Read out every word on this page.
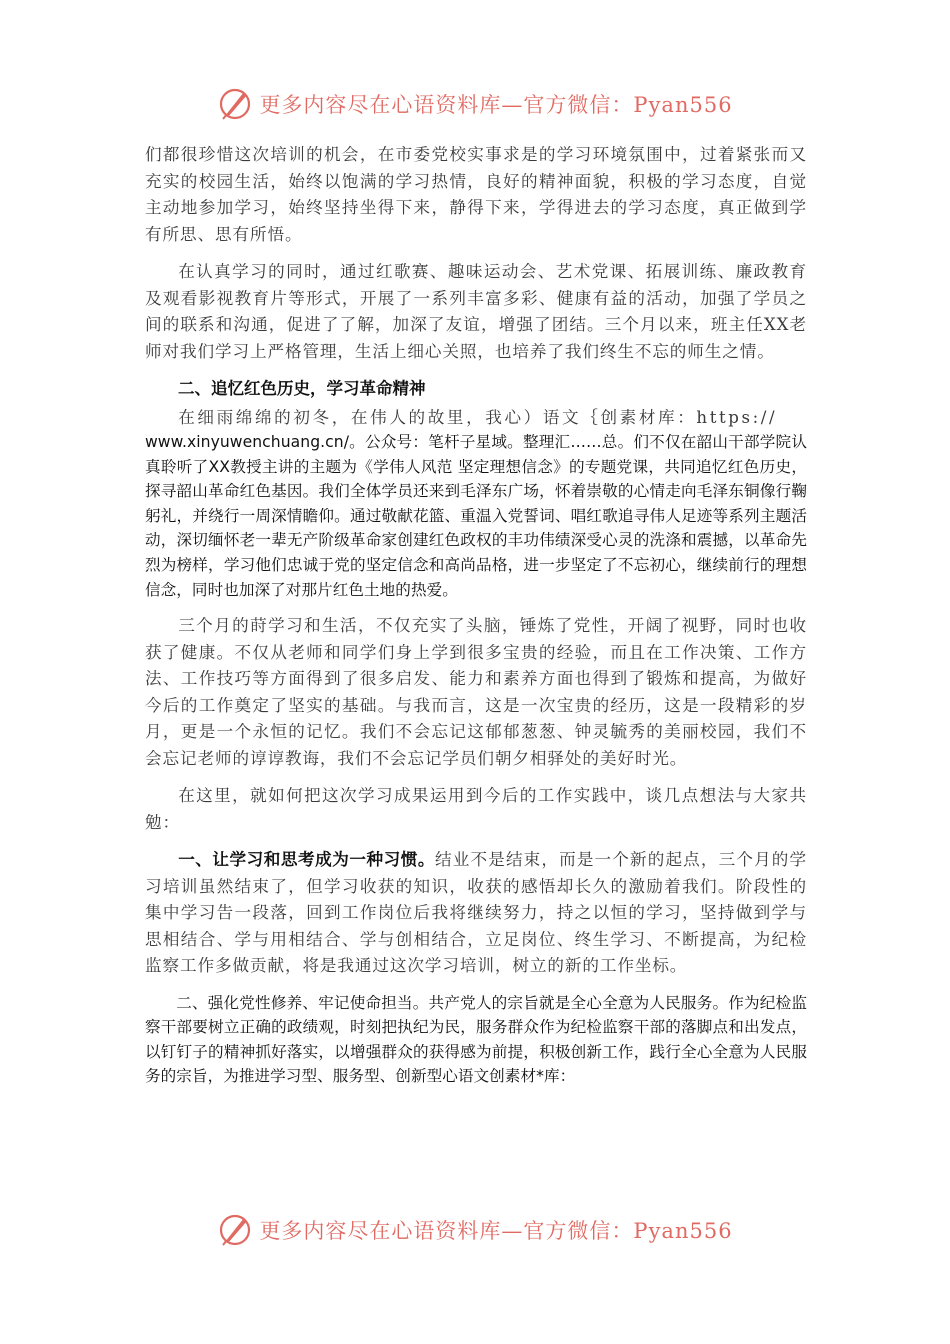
更多内容尽在心语资料库—官方微信：Pyan556

们都很珍惜这次培训的机会，在市委党校实事求是的学习环境氛围中，过着紧张而又充实的校园生活，始终以饱满的学习热情，良好的精神面貌，积极的学习态度，自觉主动地参加学习，始终坚持坐得下来，静得下来，学得进去的学习态度，真正做到学有所思、思有所悟。

在认真学习的同时，通过红歌赛、趣味运动会、艺术党课、拓展训练、廉政教育及观看影视教育片等形式，开展了一系列丰富多彩、健康有益的活动，加强了学员之间的联系和沟通，促进了了解，加深了友谊，增强了团结。三个月以来，班主任XX老师对我们学习上严格管理，生活上细心关照，也培养了我们终生不忘的师生之情。

二、追忆红色历史，学习革命精神

在细雨绵绵的初冬，在伟人的故里，我心）语文｛创素材库：https://

www.xinyuwenchuang.cn/。公众号：笔杆子星域。整理汇……总。们不仅在韶山干部学院认真聆听了XX教授主讲的主题为《学伟人风范 坚定理想信念》的专题党课，共同追忆红色历史，探寻韶山革命红色基因。我们全体学员还来到毛泽东广场，怀着崇敬的心情走向毛泽东铜像行鞠躬礼，并绕行一周深情瞻仰。通过敬献花篮、重温入党誓词、唱红歌追寻伟人足迹等系列主题活动，深切缅怀老一辈无产阶级革命家创建红色政权的丰功伟绩深受心灵的洗涤和震撼，以革命先烈为榜样，学习他们忠诚于党的坚定信念和高尚品格，进一步坚定了不忘初心，继续前行的理想信念，同时也加深了对那片红色土地的热爱。

三个月的莳学习和生活，不仅充实了头脑，锤炼了党性，开阔了视野，同时也收获了健康。不仅从老师和同学们身上学到很多宝贵的经验，而且在工作决策、工作方法、工作技巧等方面得到了很多启发、能力和素养方面也得到了锻炼和提高，为做好今后的工作奠定了坚实的基础。与我而言，这是一次宝贵的经历，这是一段精彩的岁月，更是一个永恒的记忆。我们不会忘记这郁郁葱葱、钟灵毓秀的美丽校园，我们不会忘记老师的谆谆教诲，我们不会忘记学员们朝夕相驿处的美好时光。

在这里，就如何把这次学习成果运用到今后的工作实践中，谈几点想法与大家共勉：

一、让学习和思考成为一种习惯。结业不是结束，而是一个新的起点，三个月的学习培训虽然结束了，但学习收获的知识，收获的感悟却长久的激励着我们。阶段性的集中学习告一段落，回到工作岗位后我将继续努力，持之以恒的学习，坚持做到学与思相结合、学与用相结合、学与创相结合，立足岗位、终生学习、不断提高，为纪检监察工作多做贡献，将是我通过这次学习培训，树立的新的工作坐标。

二、强化党性修养、牢记使命担当。共产党人的宗旨就是全心全意为人民服务。作为纪检监察干部要树立正确的政绩观，时刻把执纪为民，服务群众作为纪检监察干部的落脚点和出发点，以钉钉子的精神抓好落实，以增强群众的获得感为前提，积极创新工作，践行全心全意为人民服务的宗旨，为推进学习型、服务型、创新型心语文创素材*库：

更多内容尽在心语资料库—官方微信：Pyan556
